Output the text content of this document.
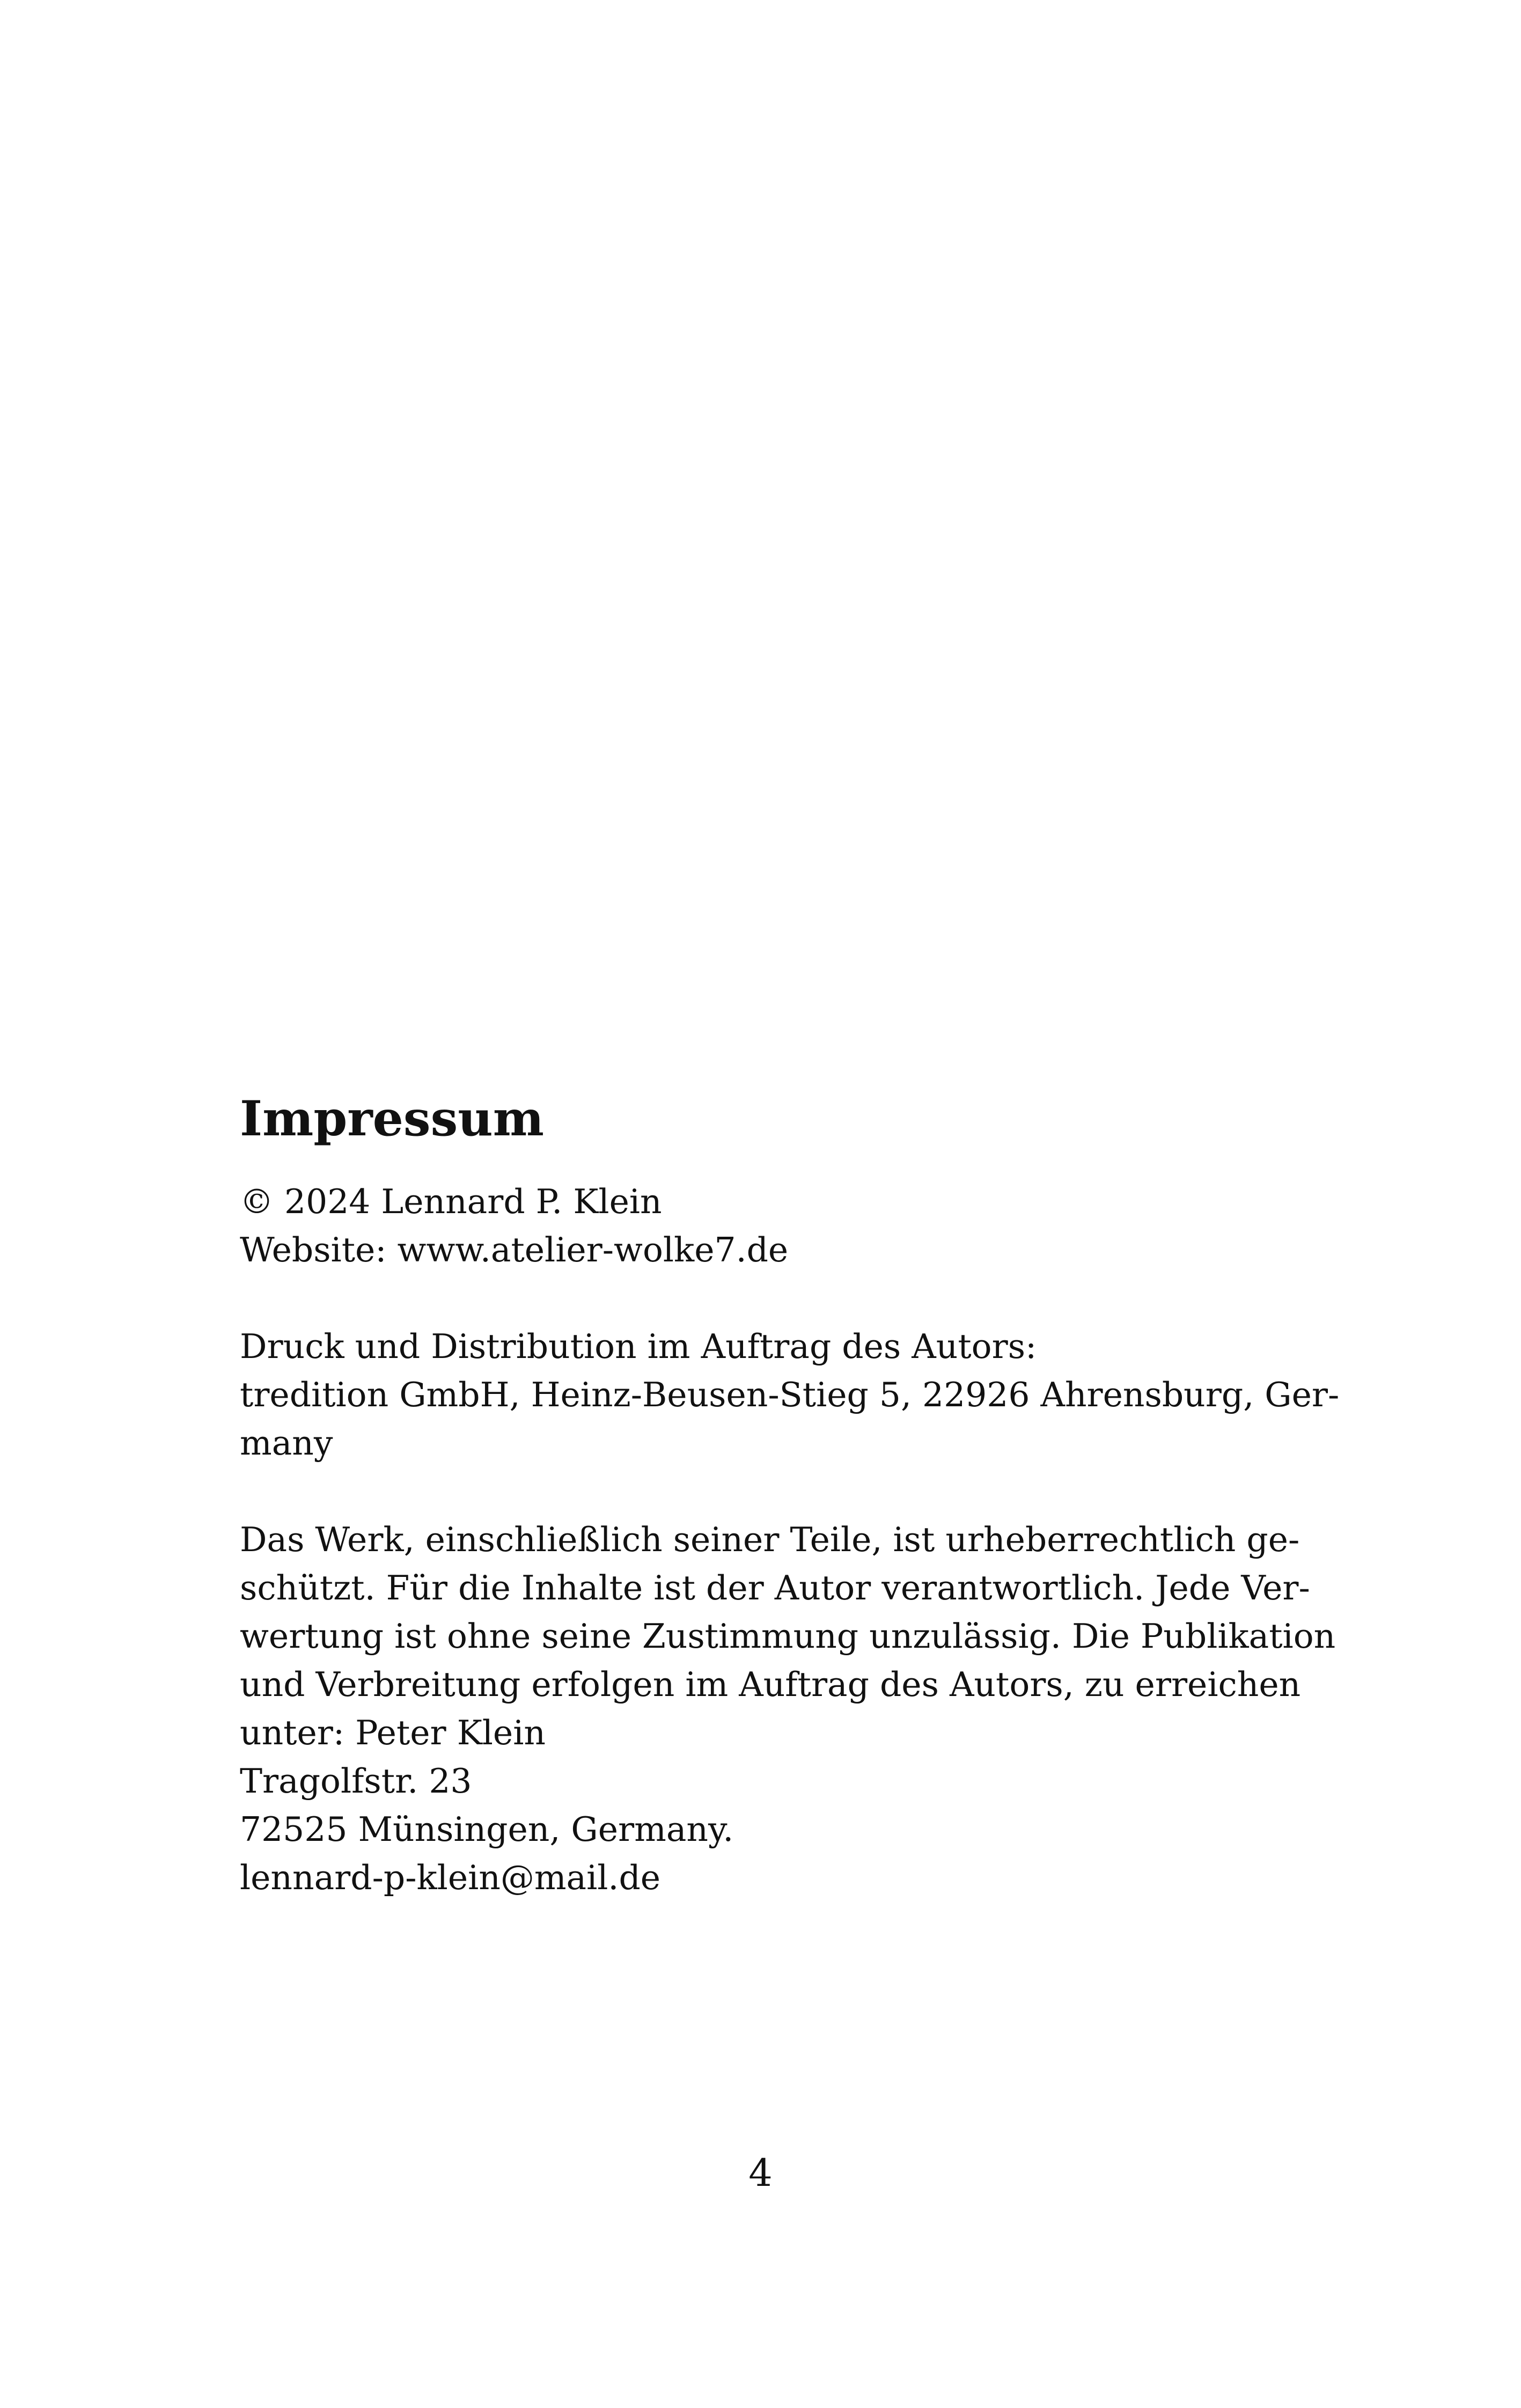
Impressum

© 2024 Lennard P. Klein
Website: www.atelier-wolke7.de

Druck und Distribution im Auftrag des Autors:
tredition GmbH, Heinz-Beusen-Stieg 5, 22926 Ahrensburg, Ger-
many

Das Werk, einschließlich seiner Teile, ist urheberrechtlich ge-
schützt. Für die Inhalte ist der Autor verantwortlich. Jede Ver-
wertung ist ohne seine Zustimmung unzulässig. Die Publikation
und Verbreitung erfolgen im Auftrag des Autors, zu erreichen
unter: Peter Klein
Tragolfstr. 23
72525 Münsingen, Germany.
lennard-p-klein@mail.de

4
